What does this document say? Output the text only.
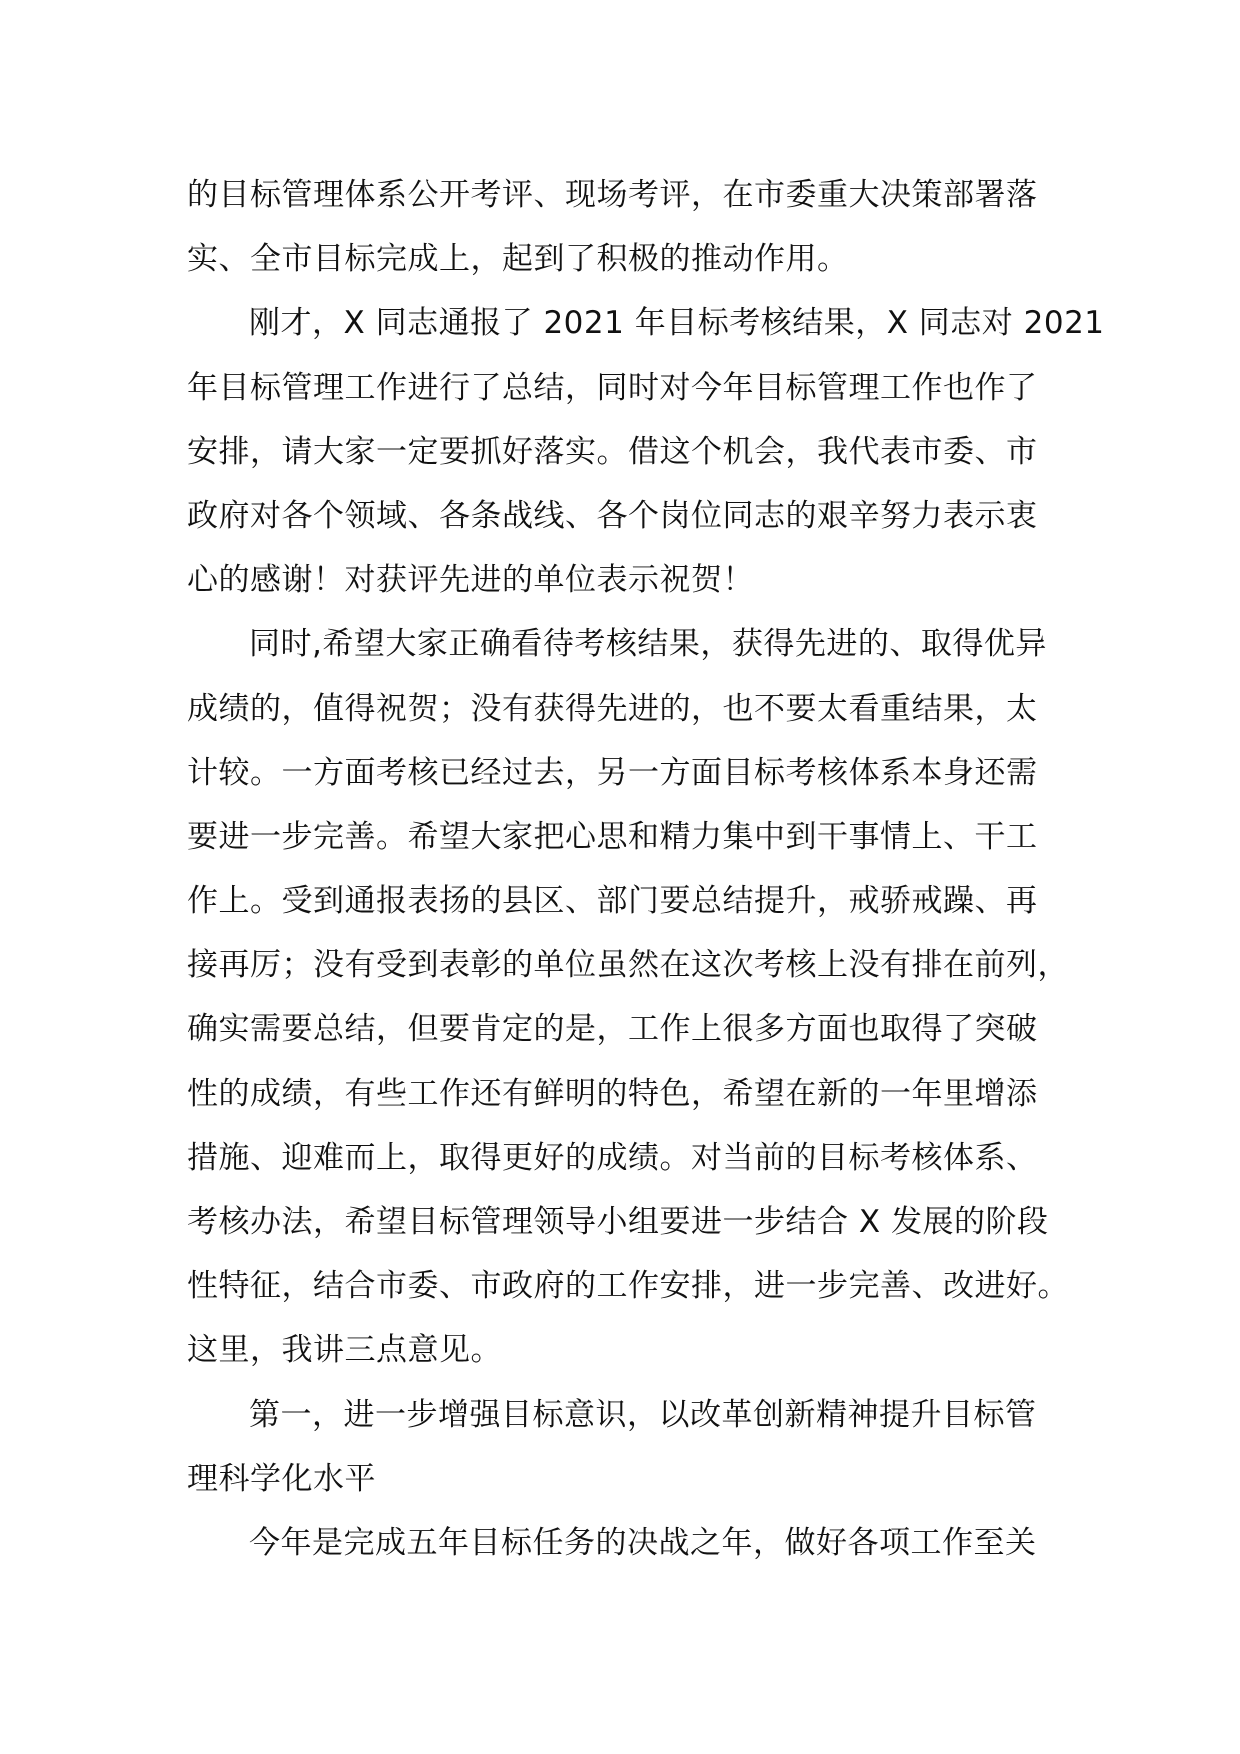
的目标管理体系公开考评、现场考评，在市委重大决策部署落
实、全市目标完成上，起到了积极的推动作用。
刚才，X 同志通报了 2021 年目标考核结果，X 同志对 2021
年目标管理工作进行了总结，同时对今年目标管理工作也作了
安排，请大家一定要抓好落实。借这个机会，我代表市委、市
政府对各个领域、各条战线、各个岗位同志的艰辛努力表示衷
心的感谢！对获评先进的单位表示祝贺！
同时,希望大家正确看待考核结果，获得先进的、取得优异
成绩的，值得祝贺；没有获得先进的，也不要太看重结果，太
计较。一方面考核已经过去，另一方面目标考核体系本身还需
要进一步完善。希望大家把心思和精力集中到干事情上、干工
作上。受到通报表扬的县区、部门要总结提升，戒骄戒躁、再
接再厉；没有受到表彰的单位虽然在这次考核上没有排在前列，
确实需要总结，但要肯定的是，工作上很多方面也取得了突破
性的成绩，有些工作还有鲜明的特色，希望在新的一年里增添
措施、迎难而上，取得更好的成绩。对当前的目标考核体系、
考核办法，希望目标管理领导小组要进一步结合 X 发展的阶段
性特征，结合市委、市政府的工作安排，进一步完善、改进好。
这里，我讲三点意见。
第一，进一步增强目标意识，以改革创新精神提升目标管
理科学化水平
今年是完成五年目标任务的决战之年，做好各项工作至关
